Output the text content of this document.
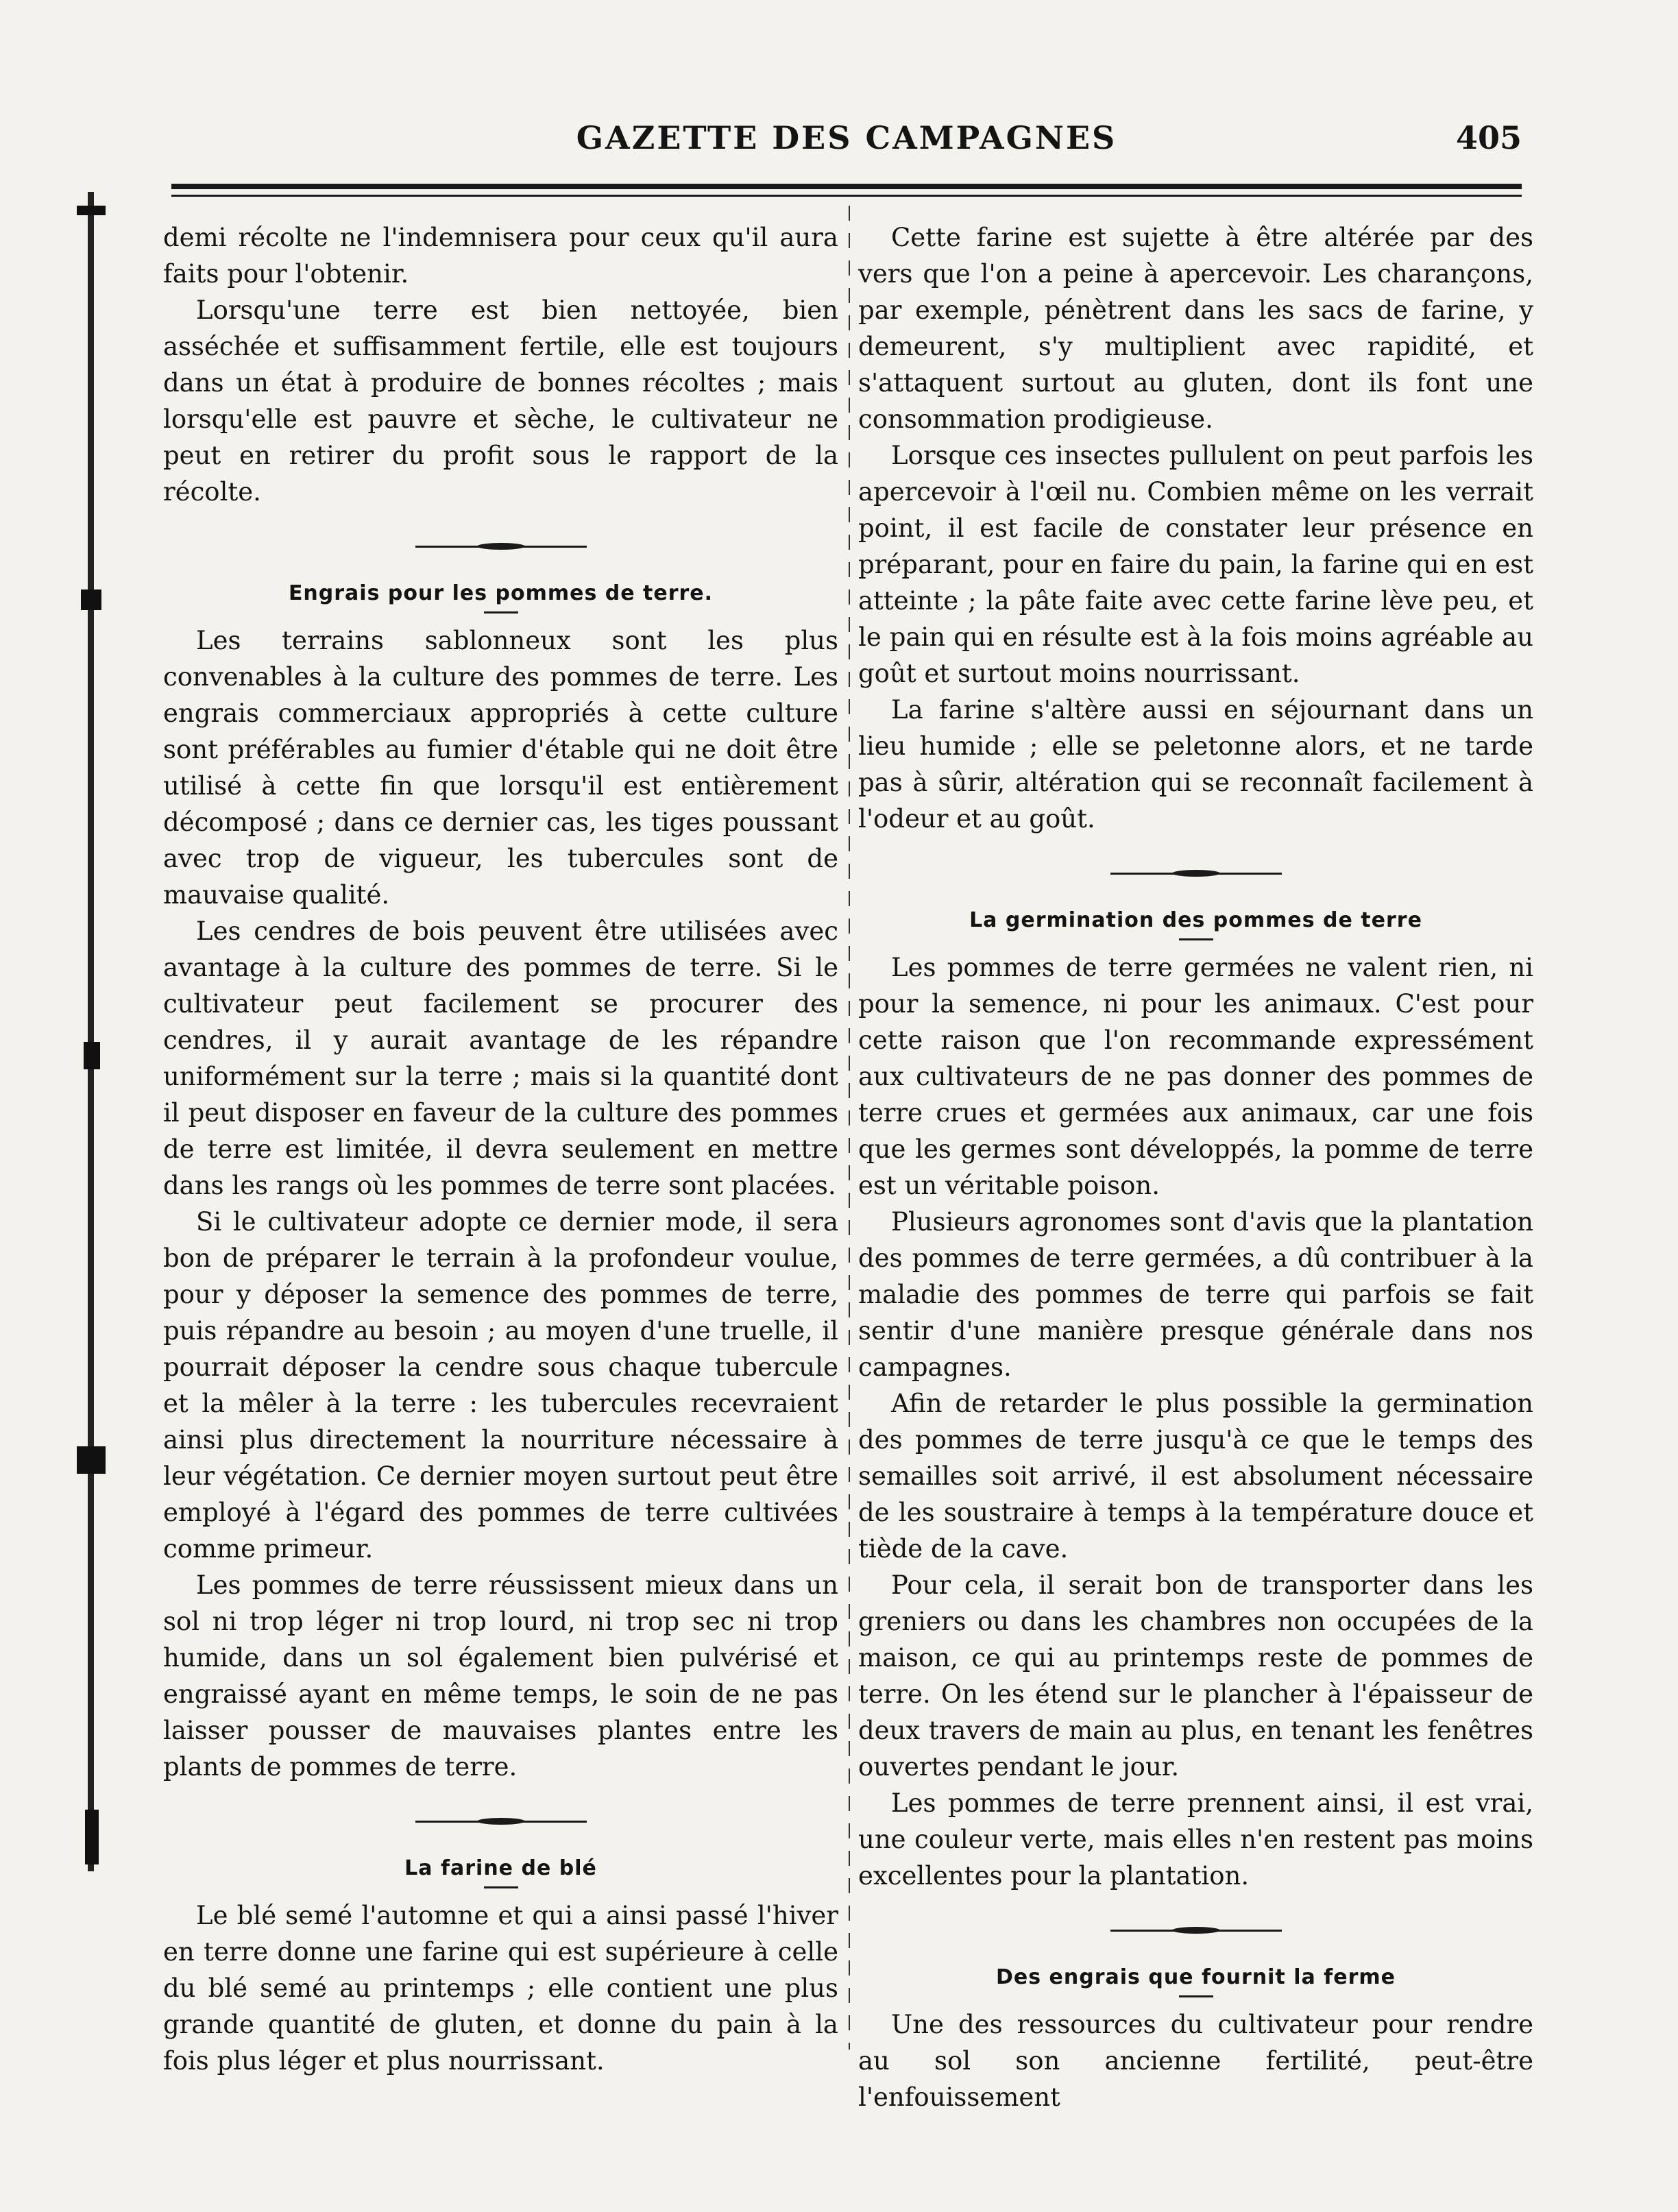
GAZETTE DES CAMPAGNES	405

demi récolte ne l'indemnisera pour ceux qu'il aura faits pour l'obtenir.

Lorsqu'une terre est bien nettoyée, bien asséchée et suffisamment fertile, elle est toujours dans un état à produire de bonnes récoltes ; mais lorsqu'elle est pauvre et sèche, le cultivateur ne peut en retirer du profit sous le rapport de la récolte.

Engrais pour les pommes de terre.

Les terrains sablonneux sont les plus convenables à la culture des pommes de terre. Les engrais commerciaux appropriés à cette culture sont préférables au fumier d'étable qui ne doit être utilisé à cette fin que lorsqu'il est entièrement décomposé ; dans ce dernier cas, les tiges poussant avec trop de vigueur, les tubercules sont de mauvaise qualité.

Les cendres de bois peuvent être utilisées avec avantage à la culture des pommes de terre. Si le cultivateur peut facilement se procurer des cendres, il y aurait avantage de les répandre uniformément sur la terre ; mais si la quantité dont il peut disposer en faveur de la culture des pommes de terre est limitée, il devra seulement en mettre dans les rangs où les pommes de terre sont placées.

Si le cultivateur adopte ce dernier mode, il sera bon de préparer le terrain à la profondeur voulue, pour y déposer la semence des pommes de terre, puis répandre au besoin ; au moyen d'une truelle, il pourrait déposer la cendre sous chaque tubercule et la mêler à la terre : les tubercules recevraient ainsi plus directement la nourriture nécessaire à leur végétation. Ce dernier moyen surtout peut être employé à l'égard des pommes de terre cultivées comme primeur.

Les pommes de terre réussissent mieux dans un sol ni trop léger ni trop lourd, ni trop sec ni trop humide, dans un sol également bien pulvérisé et engraissé ayant en même temps, le soin de ne pas laisser pousser de mauvaises plantes entre les plants de pommes de terre.

La farine de blé

Le blé semé l'automne et qui a ainsi passé l'hiver en terre donne une farine qui est supérieure à celle du blé semé au printemps ; elle contient une plus grande quantité de gluten, et donne du pain à la fois plus léger et plus nourrissant.

Cette farine est sujette à être altérée par des vers que l'on a peine à apercevoir. Les charançons, par exemple, pénètrent dans les sacs de farine, y demeurent, s'y multiplient avec rapidité, et s'attaquent surtout au gluten, dont ils font une consommation prodigieuse.

Lorsque ces insectes pullulent on peut parfois les apercevoir à l'œil nu. Combien même on les verrait point, il est facile de constater leur présence en préparant, pour en faire du pain, la farine qui en est atteinte ; la pâte faite avec cette farine lève peu, et le pain qui en résulte est à la fois moins agréable au goût et surtout moins nourrissant.

La farine s'altère aussi en séjournant dans un lieu humide ; elle se peletonne alors, et ne tarde pas à sûrir, altération qui se reconnaît facilement à l'odeur et au goût.

La germination des pommes de terre

Les pommes de terre germées ne valent rien, ni pour la semence, ni pour les animaux. C'est pour cette raison que l'on recommande expressément aux cultivateurs de ne pas donner des pommes de terre crues et germées aux animaux, car une fois que les germes sont développés, la pomme de terre est un véritable poison.

Plusieurs agronomes sont d'avis que la plantation des pommes de terre germées, a dû contribuer à la maladie des pommes de terre qui parfois se fait sentir d'une manière presque générale dans nos campagnes.

Afin de retarder le plus possible la germination des pommes de terre jusqu'à ce que le temps des semailles soit arrivé, il est absolument nécessaire de les soustraire à temps à la température douce et tiède de la cave.

Pour cela, il serait bon de transporter dans les greniers ou dans les chambres non occupées de la maison, ce qui au printemps reste de pommes de terre. On les étend sur le plancher à l'épaisseur de deux travers de main au plus, en tenant les fenêtres ouvertes pendant le jour.

Les pommes de terre prennent ainsi, il est vrai, une couleur verte, mais elles n'en restent pas moins excellentes pour la plantation.

Des engrais que fournit la ferme

Une des ressources du cultivateur pour rendre au sol son ancienne fertilité, peut-être l'enfouissement
